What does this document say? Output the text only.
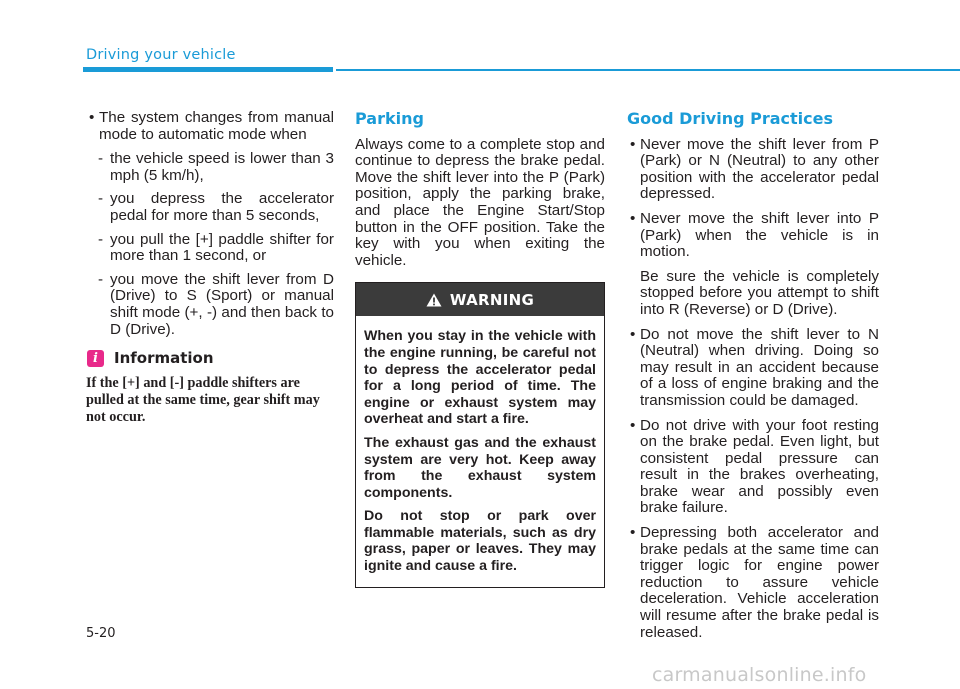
Driving your vehicle
• The system changes from manual mode to automatic mode when

- the vehicle speed is lower than 3 mph (5 km/h),

- you depress the accelerator pedal for more than 5 seconds,

- you pull the [+] paddle shifter for more than 1 second, or

- you move the shift lever from D (Drive) to S (Sport) or manual shift mode (+, -) and then back to D (Drive).

i	Information

If the [+] and [-] paddle shifters are pulled at the same time, gear shift may not occur.

Parking

Always come to a complete stop and continue to depress the brake pedal. Move the shift lever into the P (Park) position, apply the parking brake, and place the Engine Start/Stop button in the OFF position. Take the key with you when exiting the vehicle.

WARNING

When you stay in the vehicle with the engine running, be careful not to depress the accelerator pedal for a long period of time. The engine or exhaust system may overheat and start a fire.

The exhaust gas and the exhaust system are very hot. Keep away from the exhaust system components.

Do not stop or park over flammable materials, such as dry grass, paper or leaves. They may ignite and cause a fire.

Good Driving Practices
• Never move the shift lever from P (Park) or N (Neutral) to any other position with the accelerator pedal depressed.

• Never move the shift lever into P (Park) when the vehicle is in motion.

Be sure the vehicle is completely stopped before you attempt to shift into R (Reverse) or D (Drive).

• Do not move the shift lever to N (Neutral) when driving. Doing so may result in an accident because of a loss of engine braking and the transmission could be damaged.

• Do not drive with your foot resting on the brake pedal. Even light, but consistent pedal pressure can result in the brakes overheating, brake wear and possibly even brake failure.

• Depressing both accelerator and brake pedals at the same time can trigger logic for engine power reduction to assure vehicle deceleration. Vehicle acceleration will resume after the brake pedal is released.

5-20
carmanualsonline.info
